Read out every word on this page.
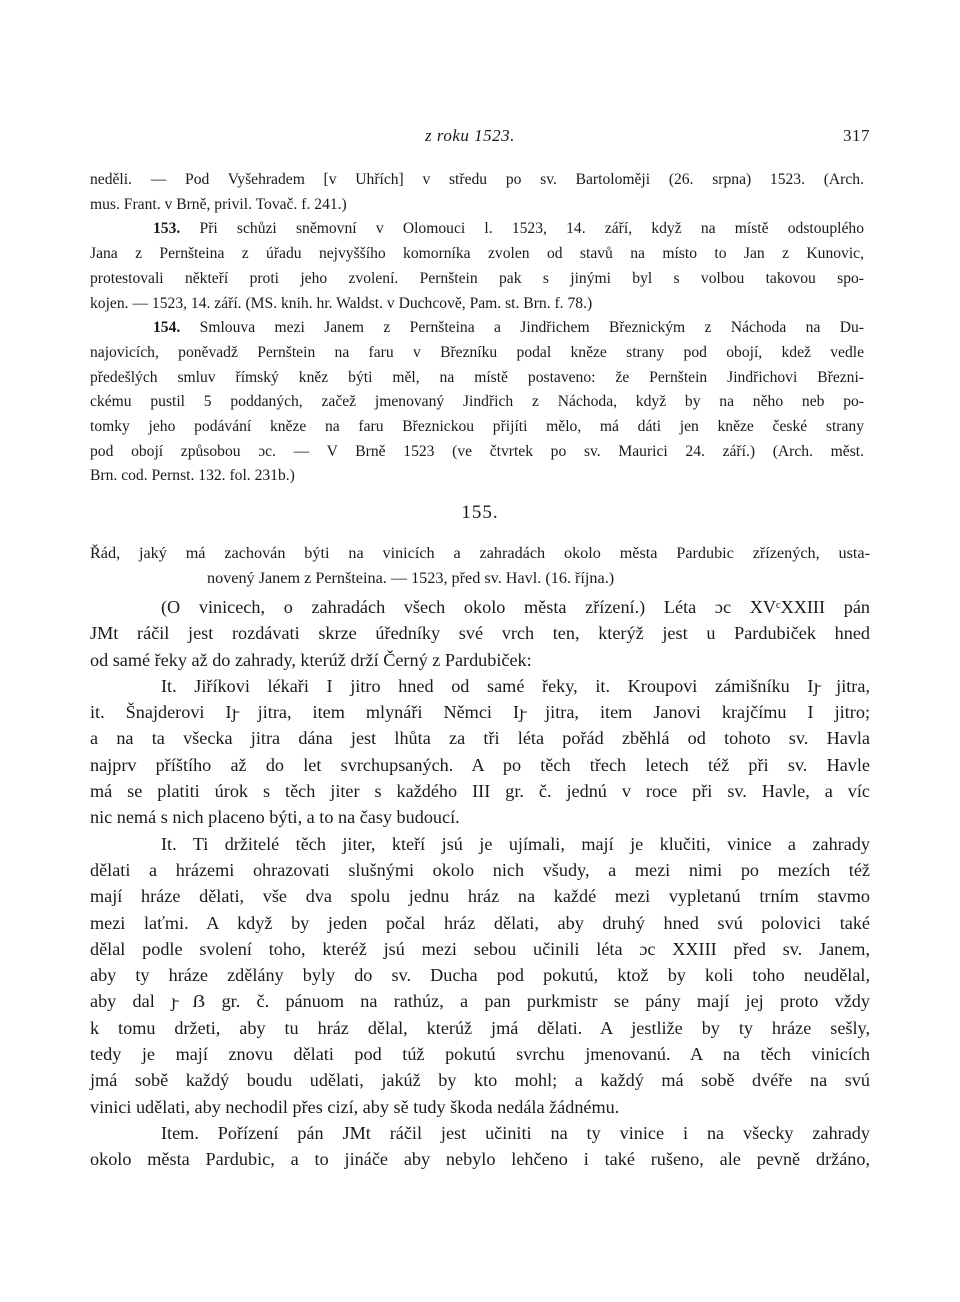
z roku 1523.	317
neděli. — Pod Vyšehradem [v Uhřích] v středu po sv. Bartoloměji (26. srpna) 1523. (Arch.
mus. Frant. v Brně, privil. Tovač. f. 241.)
153. Při schůzi sněmovní v Olomouci l. 1523, 14. září, když na místě odstouplého
Jana z Pernšteina z úřadu nejvyššího komorníka zvolen od stavů na místo to Jan z Kunovic,
protestovali někteří proti jeho zvolení. Pernštein pak s jinými byl s volbou takovou spo-
kojen. — 1523, 14. září. (MS. knih. hr. Waldst. v Duchcově, Pam. st. Brn. f. 78.)
154. Smlouva mezi Janem z Pernšteina a Jindřichem Březnickým z Náchoda na Du-
najovicích, poněvadž Pernštein na faru v Březníku podal kněze strany pod obojí, kdež vedle
předešlých smluv římský kněz býti měl, na místě postaveno: že Pernštein Jindřichovi Březni-
ckému pustil 5 poddaných, začež jmenovaný Jindřich z Náchoda, když by na něho neb po-
tomky jeho podávání kněze na faru Březnickou přijíti mělo, má dáti jen kněze české strany
pod obojí způsobou ɔc. — V Brně 1523 (ve čtvrtek po sv. Maurici 24. září.) (Arch. měst.
Brn. cod. Pernst. 132. fol. 231b.)
155.
Řád, jaký má zachován býti na vinicích a zahradách okolo města Pardubic zřízených, usta-
novený Janem z Pernšteina. — 1523, před sv. Havl. (16. října.)
(O vinicech, o zahradách všech okolo města zřízení.) Léta ɔc XVᶜXXIII pán
JMt ráčil jest rozdávati skrze úředníky své vrch ten, kterýž jest u Pardubiček hned
od samé řeky až do zahrady, kterúž drží Černý z Pardubiček:
It. Jiříkovi lékaři I jitro hned od samé řeky, it. Kroupovi zámišníku Iȷ̵ jitra,
it. Šnajderovi Iȷ̵ jitra, item mlynáři Němci Iȷ̵ jitra, item Janovi krajčímu I jitro;
a na ta všecka jitra dána jest lhůta za tři léta pořád zběhlá od tohoto sv. Havla
najprv příštího až do let svrchupsaných. A po těch třech letech též při sv. Havle
má se platiti úrok s těch jiter s každého III gr. č. jednú v roce při sv. Havle, a víc
nic nemá s nich placeno býti, a to na časy budoucí.
It. Ti držitelé těch jiter, kteří jsú je ujímali, mají je klučiti, vinice a zahrady
dělati a hrázemi ohrazovati slušnými okolo nich všudy, a mezi nimi po mezích též
mají hráze dělati, vše dva spolu jednu hráz na každé mezi vypletanú trním stavmo
mezi laťmi. A když by jeden počal hráz dělati, aby druhý hned svú polovici také
dělal podle svolení toho, kteréž jsú mezi sebou učinili léta ɔc XXIII před sv. Janem,
aby ty hráze zdělány byly do sv. Ducha pod pokutú, ktož by koli toho neudělal,
aby dal ȷ̵ ẞ gr. č. pánuom na rathúz, a pan purkmistr se pány mají jej proto vždy
k tomu držeti, aby tu hráz dělal, kterúž jmá dělati. A jestliže by ty hráze sešly,
tedy je mají znovu dělati pod túž pokutú svrchu jmenovanú. A na těch vinicích
jmá sobě každý boudu udělati, jakúž by kto mohl; a každý má sobě dvéře na svú
vinici udělati, aby nechodil přes cizí, aby sě tudy škoda nedála žádnému.
Item. Pořízení pán JMt ráčil jest učiniti na ty vinice i na všecky zahrady
okolo města Pardubic, a to jináče aby nebylo lehčeno i také rušeno, ale pevně držáno,
